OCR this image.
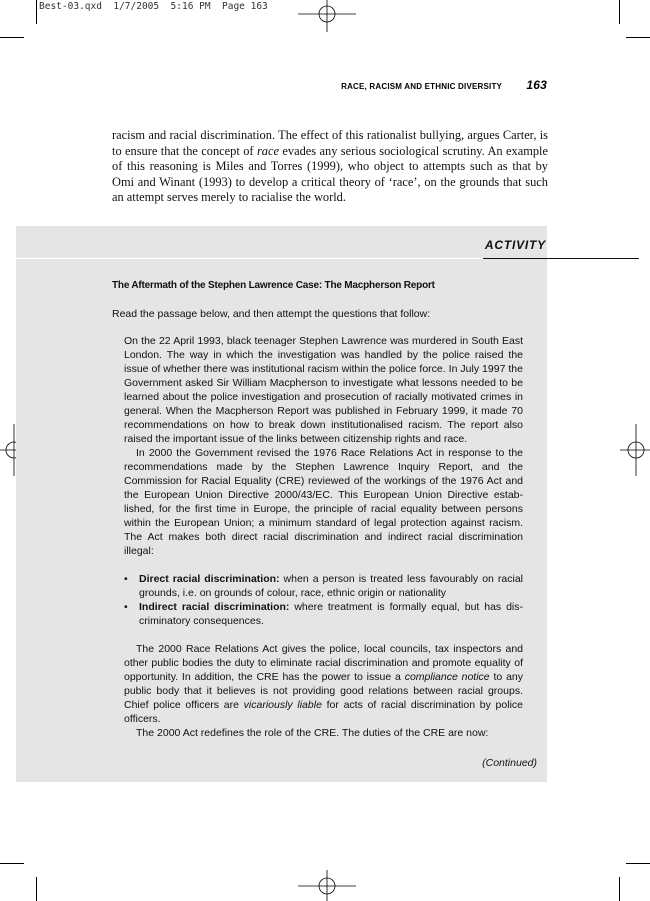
Best-03.qxd  1/7/2005  5:16 PM  Page 163
RACE, RACISM AND ETHNIC DIVERSITY 163

racism and racial discrimination. The effect of this rationalist bullying, argues Carter, is to ensure that the concept of race evades any serious sociological scrutiny. An example of this reasoning is Miles and Torres (1999), who object to attempts such as that by Omi and Winant (1993) to develop a critical theory of ‘race’, on the grounds that such an attempt serves merely to racialise the world.

ACTIVITY
The Aftermath of the Stephen Lawrence Case: The Macpherson Report
Read the passage below, and then attempt the questions that follow:

On the 22 April 1993, black teenager Stephen Lawrence was murdered in South East London. The way in which the investigation was handled by the police raised the issue of whether there was institutional racism within the police force. In July 1997 the Government asked Sir William Macpherson to investigate what lessons needed to be learned about the police investigation and prosecution of racially motivated crimes in general. When the Macpherson Report was published in February 1999, it made 70 recommendations on how to break down institutionalised racism. The report also raised the important issue of the links between citizenship rights and race.

In 2000 the Government revised the 1976 Race Relations Act in response to the recommendations made by the Stephen Lawrence Inquiry Report, and the Commission for Racial Equality (CRE) reviewed of the workings of the 1976 Act and the European Union Directive 2000/43/EC. This European Union Directive established, for the first time in Europe, the principle of racial equality between persons within the European Union; a minimum standard of legal protection against racism. The Act makes both direct racial discrimination and indirect racial discrimination illegal:

• Direct racial discrimination: when a person is treated less favourably on racial grounds, i.e. on grounds of colour, race, ethnic origin or nationality
• Indirect racial discrimination: where treatment is formally equal, but has discriminatory consequences.

The 2000 Race Relations Act gives the police, local councils, tax inspectors and other public bodies the duty to eliminate racial discrimination and promote equality of opportunity. In addition, the CRE has the power to issue a compliance notice to any public body that it believes is not providing good relations between racial groups. Chief police officers are vicariously liable for acts of racial discrimination by police officers.

The 2000 Act redefines the role of the CRE. The duties of the CRE are now:

(Continued)
